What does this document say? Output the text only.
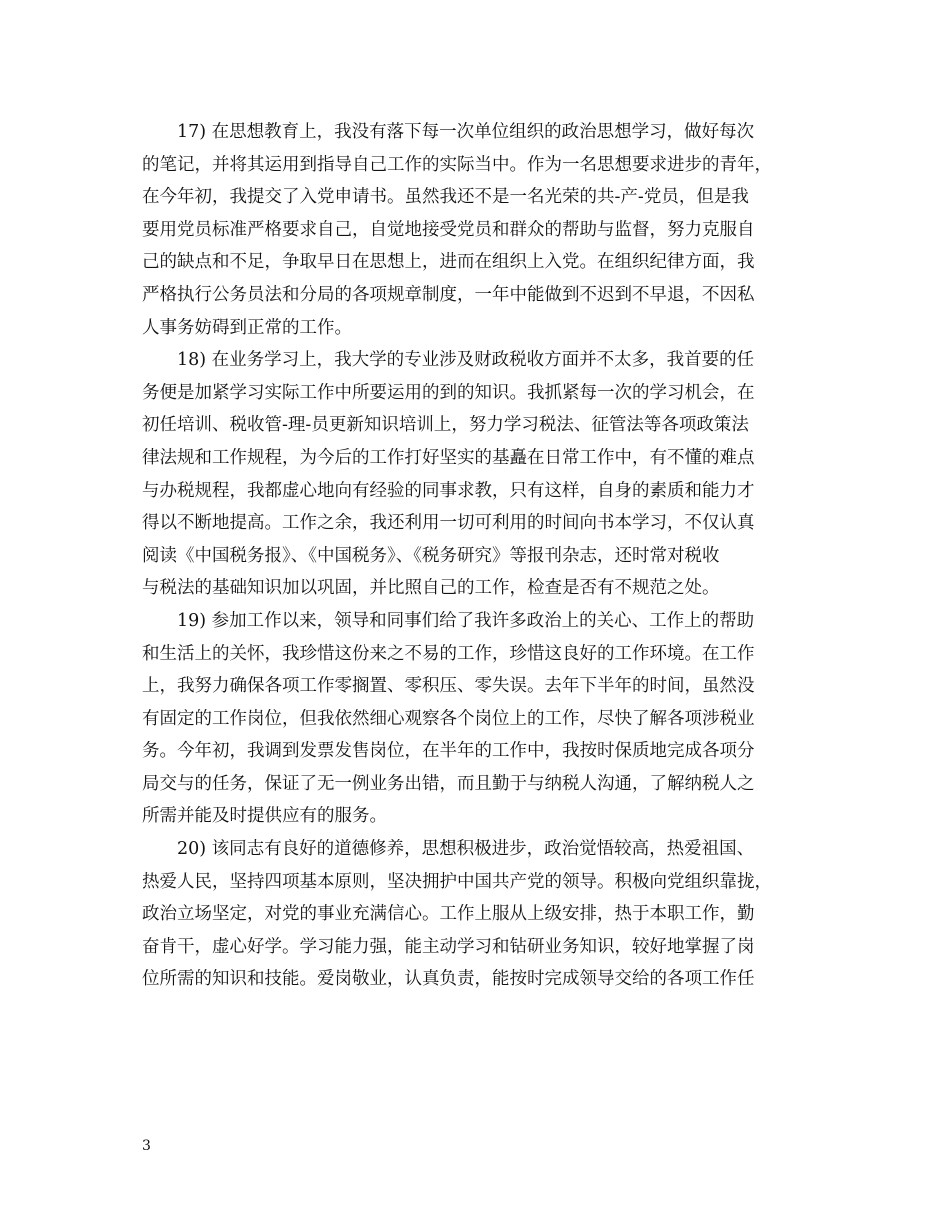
17) 在思想教育上，我没有落下每一次单位组织的政治思想学习，做好每次
的笔记，并将其运用到指导自己工作的实际当中。作为一名思想要求进步的青年，
在今年初，我提交了入党申请书。虽然我还不是一名光荣的共-产-党员，但是我
要用党员标准严格要求自己，自觉地接受党员和群众的帮助与监督，努力克服自
己的缺点和不足，争取早日在思想上，进而在组织上入党。在组织纪律方面，我
严格执行公务员法和分局的各项规章制度，一年中能做到不迟到不早退，不因私
人事务妨碍到正常的工作。
18) 在业务学习上，我大学的专业涉及财政税收方面并不太多，我首要的任
务便是加紧学习实际工作中所要运用的到的知识。我抓紧每一次的学习机会，在
初任培训、税收管-理-员更新知识培训上，努力学习税法、征管法等各项政策法
律法规和工作规程，为今后的工作打好坚实的基矗在日常工作中，有不懂的难点
与办税规程，我都虚心地向有经验的同事求教，只有这样，自身的素质和能力才
得以不断地提高。工作之余，我还利用一切可利用的时间向书本学习，不仅认真
阅读《中国税务报》、《中国税务》、《税务研究》等报刊杂志，还时常对税收
与税法的基础知识加以巩固，并比照自己的工作，检查是否有不规范之处。
19) 参加工作以来，领导和同事们给了我许多政治上的关心、工作上的帮助
和生活上的关怀，我珍惜这份来之不易的工作，珍惜这良好的工作环境。在工作
上，我努力确保各项工作零搁置、零积压、零失误。去年下半年的时间，虽然没
有固定的工作岗位，但我依然细心观察各个岗位上的工作，尽快了解各项涉税业
务。今年初，我调到发票发售岗位，在半年的工作中，我按时保质地完成各项分
局交与的任务，保证了无一例业务出错，而且勤于与纳税人沟通，了解纳税人之
所需并能及时提供应有的服务。
20) 该同志有良好的道德修养，思想积极进步，政治觉悟较高，热爱祖国、
热爱人民，坚持四项基本原则，坚决拥护中国共产党的领导。积极向党组织靠拢，
政治立场坚定，对党的事业充满信心。工作上服从上级安排，热于本职工作，勤
奋肯干，虚心好学。学习能力强，能主动学习和钻研业务知识，较好地掌握了岗
位所需的知识和技能。爱岗敬业，认真负责，能按时完成领导交给的各项工作任
3
